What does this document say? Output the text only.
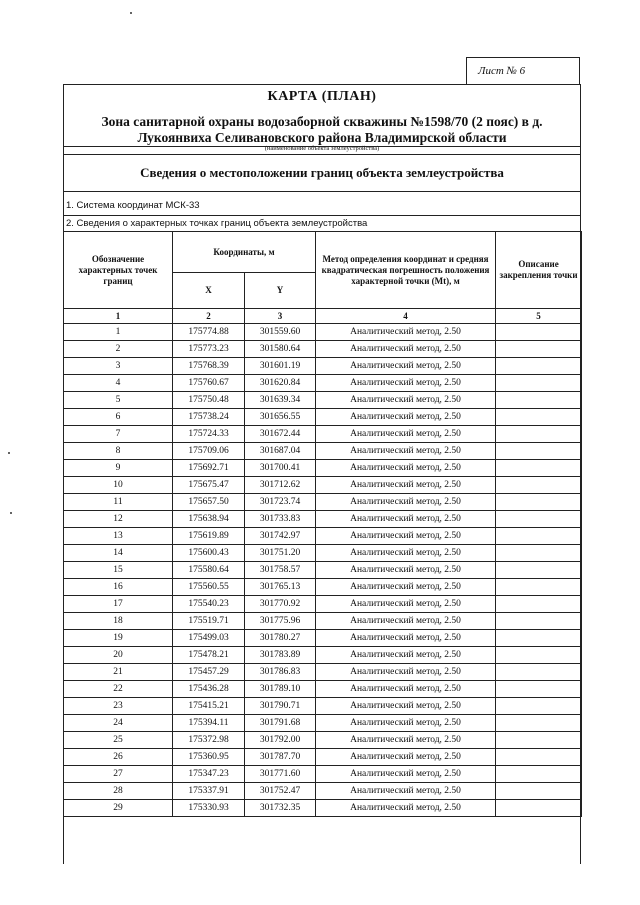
Лист № 6
КАРТА (ПЛАН)
Зона санитарной охраны водозаборной скважины №1598/70 (2 пояс) в д.
Лукоянвиха Селивановского района Владимирской области
(наименование объекта землеустройства)
Сведения о местоположении границ объекта землеустройства
1. Система координат МСК-33
2. Сведения о характерных точках границ объекта землеустройства
Обозначение характерных точек границ	Координаты, м		Метод определения координат и средняя квадратическая погрешность положения характерной точки (Мt), м	Описание закрепления точки
	X	Y		
1	2	3	4	5
1	175774.88	301559.60	Аналитический метод, 2.50	
2	175773.23	301580.64	Аналитический метод, 2.50	
3	175768.39	301601.19	Аналитический метод, 2.50	
4	175760.67	301620.84	Аналитический метод, 2.50	
5	175750.48	301639.34	Аналитический метод, 2.50	
6	175738.24	301656.55	Аналитический метод, 2.50	
7	175724.33	301672.44	Аналитический метод, 2.50	
8	175709.06	301687.04	Аналитический метод, 2.50	
9	175692.71	301700.41	Аналитический метод, 2.50	
10	175675.47	301712.62	Аналитический метод, 2.50	
11	175657.50	301723.74	Аналитический метод, 2.50	
12	175638.94	301733.83	Аналитический метод, 2.50	
13	175619.89	301742.97	Аналитический метод, 2.50	
14	175600.43	301751.20	Аналитический метод, 2.50	
15	175580.64	301758.57	Аналитический метод, 2.50	
16	175560.55	301765.13	Аналитический метод, 2.50	
17	175540.23	301770.92	Аналитический метод, 2.50	
18	175519.71	301775.96	Аналитический метод, 2.50	
19	175499.03	301780.27	Аналитический метод, 2.50	
20	175478.21	301783.89	Аналитический метод, 2.50	
21	175457.29	301786.83	Аналитический метод, 2.50	
22	175436.28	301789.10	Аналитический метод, 2.50	
23	175415.21	301790.71	Аналитический метод, 2.50	
24	175394.11	301791.68	Аналитический метод, 2.50	
25	175372.98	301792.00	Аналитический метод, 2.50	
26	175360.95	301787.70	Аналитический метод, 2.50	
27	175347.23	301771.60	Аналитический метод, 2.50	
28	175337.91	301752.47	Аналитический метод, 2.50	
29	175330.93	301732.35	Аналитический метод, 2.50	
